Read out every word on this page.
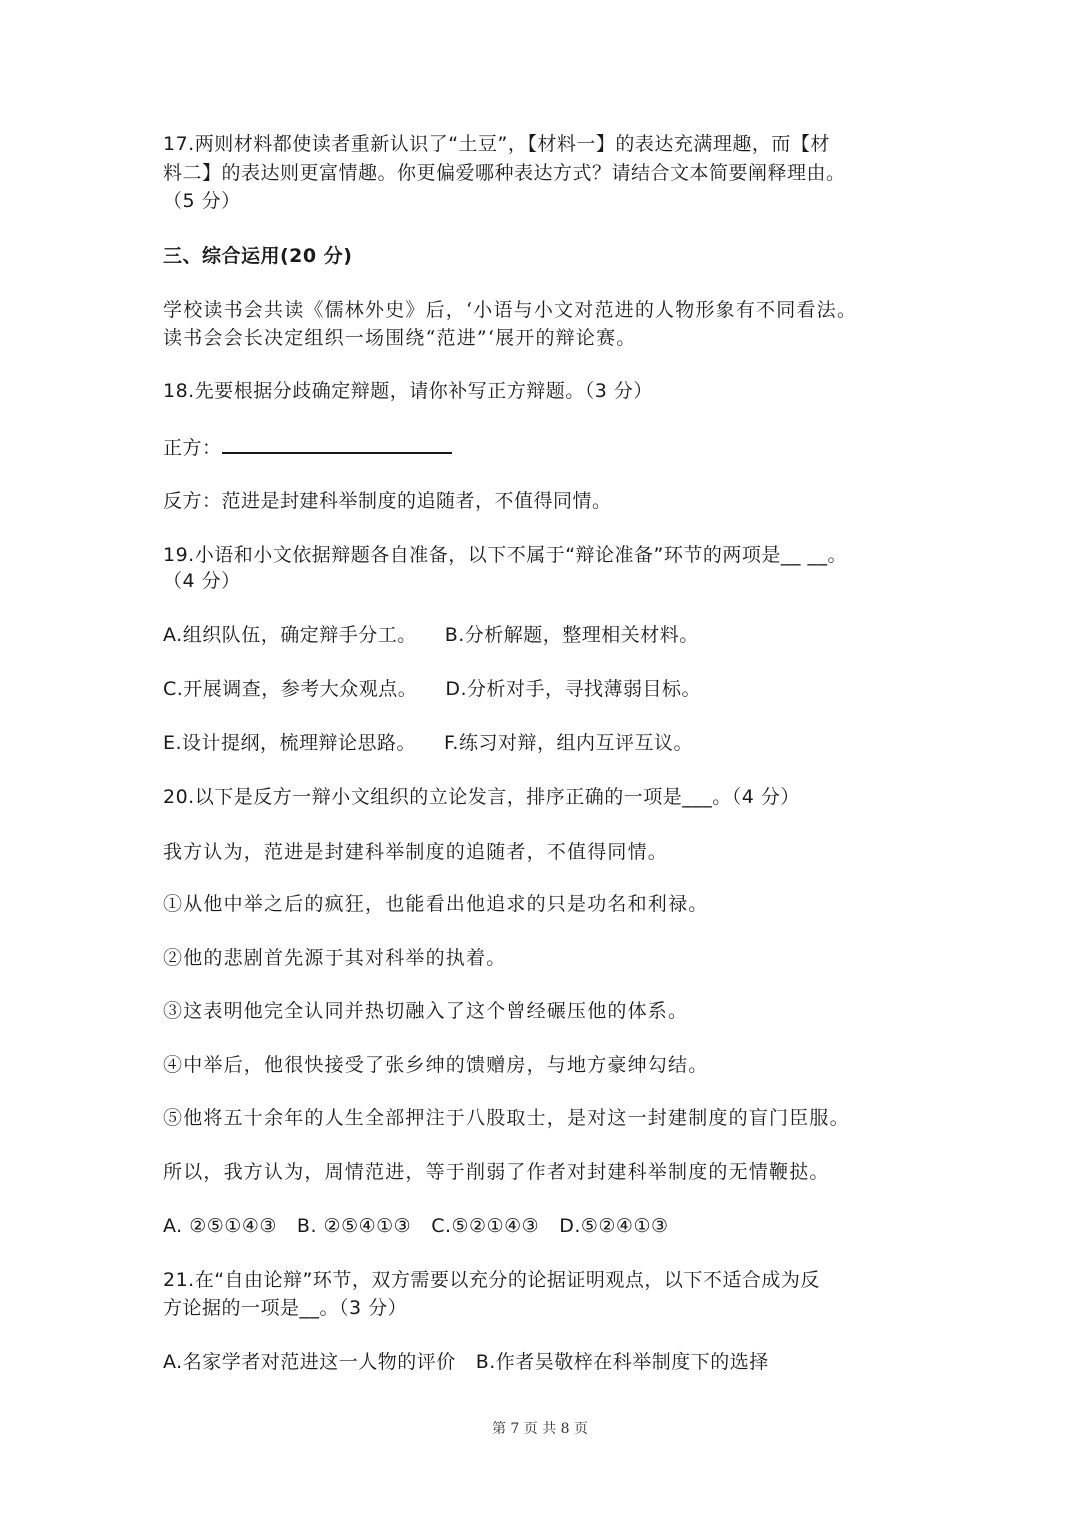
17.两则材料都使读者重新认识了“土豆”，【材料一】的表达充满理趣，而【材
料二】的表达则更富情趣。你更偏爱哪种表达方式？请结合文本简要阐释理由。
（5 分）
三、综合运用(20 分)
学校读书会共读《儒林外史》后，‘小语与小文对范进的人物形象有不同看法。
读书会会长决定组织一场围绕“范进”‘展开的辩论赛。
18.先要根据分歧确定辩题，请你补写正方辩题。（3 分）
正方：
反方：范进是封建科举制度的追随者，不值得同情。
19.小语和小文依据辩题各自准备，以下不属于“辩论准备”环节的两项是__ __。
（4 分）
A.组织队伍，确定辩手分工。 B.分析解题，整理相关材料。
C.开展调查，参考大众观点。 D.分析对手，寻找薄弱目标。
E.设计提纲，梳理辩论思路。 F.练习对辩，组内互评互议。
20.以下是反方一辩小文组织的立论发言，排序正确的一项是___。（4 分）
我方认为，范进是封建科举制度的追随者，不值得同情。
①从他中举之后的疯狂，也能看出他追求的只是功名和利禄。
②他的悲剧首先源于其对科举的执着。
③这表明他完全认同并热切融入了这个曾经碾压他的体系。
④中举后，他很快接受了张乡绅的馈赠房，与地方豪绅勾结。
⑤他将五十余年的人生全部押注于八股取士，是对这一封建制度的盲门臣服。
所以，我方认为，周情范进，等于削弱了作者对封建科举制度的无情鞭挞。
A. ②⑤①④③ B. ②⑤④①③ C.⑤②①④③ D.⑤②④①③
21.在“自由论辩”环节，双方需要以充分的论据证明观点，以下不适合成为反
方论据的一项是__。（3 分）
A.名家学者对范进这一人物的评价 B.作者吴敬梓在科举制度下的选择
第 7 页 共 8 页
